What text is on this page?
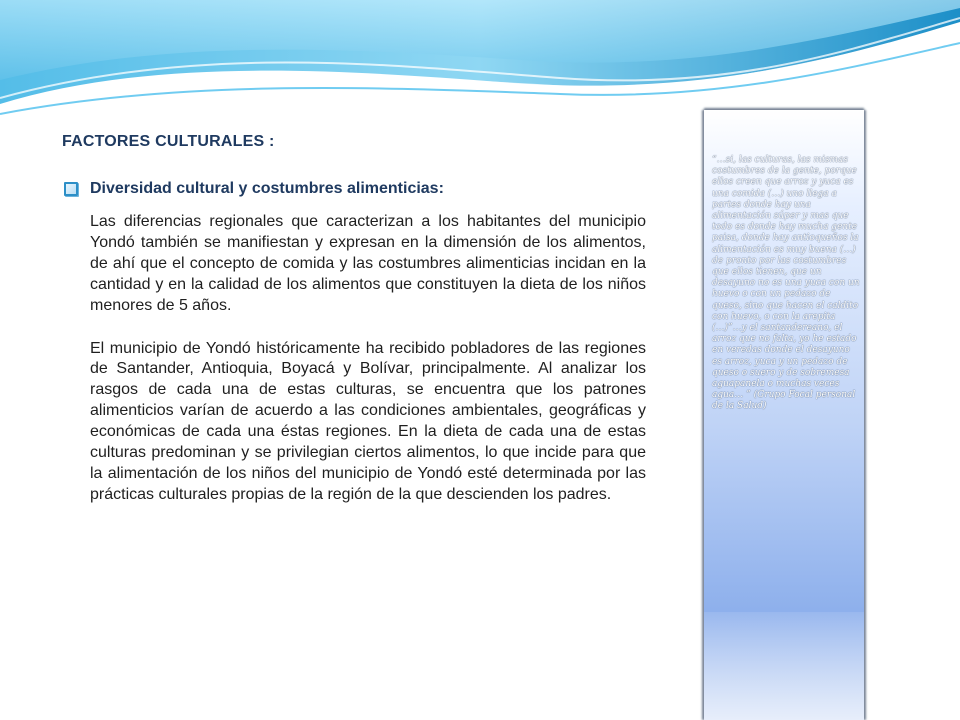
FACTORES CULTURALES :
Diversidad cultural y costumbres alimenticias:

Las diferencias regionales que caracterizan a los habitantes del municipio Yondó también se manifiestan y expresan en la dimensión de los alimentos, de ahí que el concepto de comida y las costumbres alimenticias incidan en la cantidad y en la calidad de los alimentos que constituyen la dieta de los niños menores de 5 años.

El municipio de Yondó históricamente ha recibido pobladores de las regiones de Santander, Antioquia, Boyacá y Bolívar, principalmente. Al analizar los rasgos de cada una de estas culturas, se encuentra que los patrones alimenticios varían de acuerdo a las condiciones ambientales, geográficas y económicas de cada una éstas regiones. En la dieta de cada una de estas culturas predominan y se privilegian ciertos alimentos, lo que incide para que la alimentación de los niños del municipio de Yondó esté determinada por las prácticas culturales propias de la región de la que descienden los padres.

“…si, las culturas, las mismas costumbres de la gente, porque ellos creen que arroz y yuca es una comida (…) uno llega a partes donde hay una alimentación súper y mas que todo es donde hay mucha gente paisa, donde hay antioqueños la alimentación es muy buena (…) de pronto por las costumbres que ellos tienen, que un desayuno no es una yuca con un huevo o con un pedazo de queso, sino que hacen el caldito con huevo, o con la arepita (…)”…y el santandereano, el arroz que no falta, yo he estado en veredas donde el desayuno es arroz, yuca y un pedazo de queso o suero y de sobremesa aguapanela o muchas veces agua… ” (Grupo Focal personal de la Salud)
